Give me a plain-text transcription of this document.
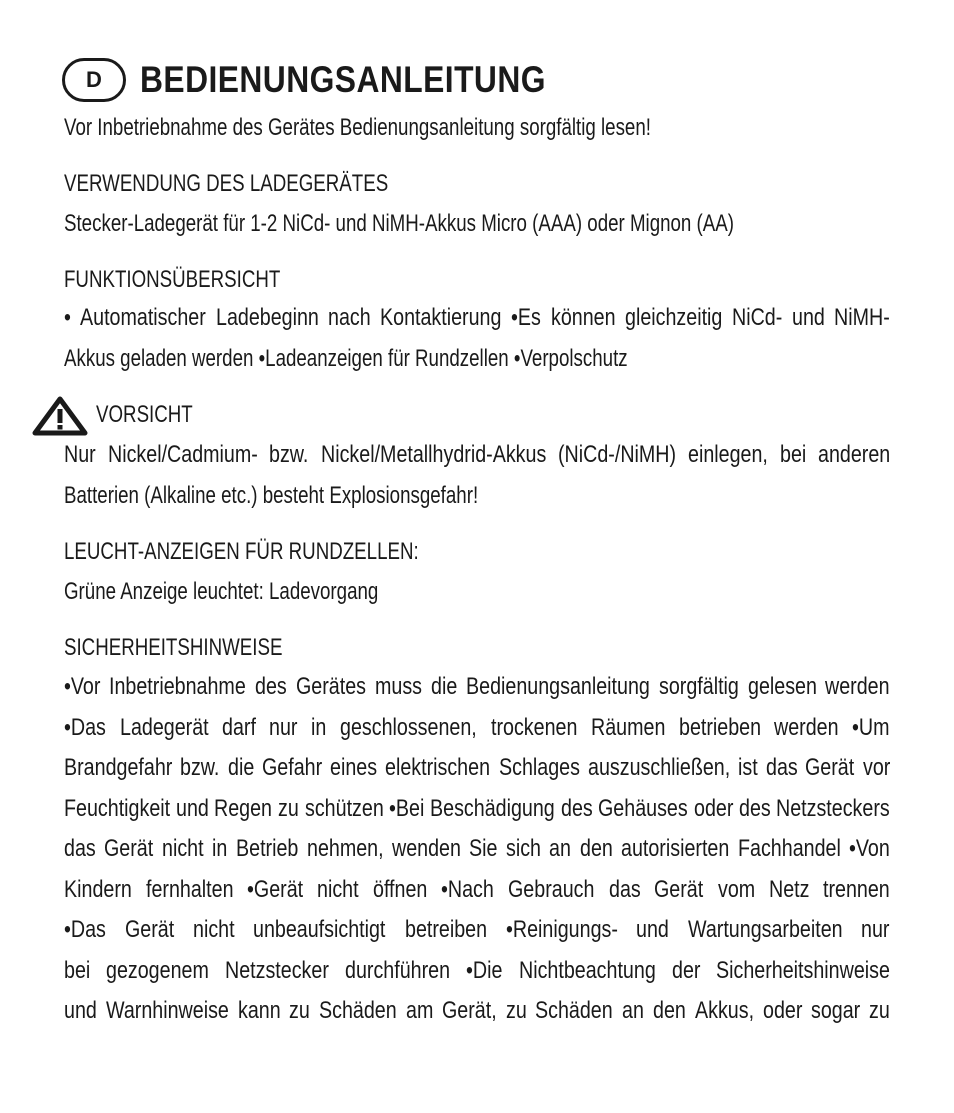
D	BEDIENUNGSANLEITUNG
Vor Inbetriebnahme des Gerätes Bedienungsanleitung sorgfältig lesen!
VERWENDUNG DES LADEGERÄTES
Stecker-Ladegerät für 1-2 NiCd- und NiMH-Akkus Micro (AAA) oder Mignon (AA)
FUNKTIONSÜBERSICHT
• Automatischer Ladebeginn nach Kontaktierung •Es können gleichzeitig NiCd- und NiMH-
Akkus geladen werden •Ladeanzeigen für Rundzellen •Verpolschutz
VORSICHT
Nur Nickel/Cadmium- bzw. Nickel/Metallhydrid-Akkus (NiCd-/NiMH) einlegen, bei anderen
Batterien (Alkaline etc.) besteht Explosionsgefahr!
LEUCHT-ANZEIGEN FÜR RUNDZELLEN:
Grüne Anzeige leuchtet: Ladevorgang
SICHERHEITSHINWEISE
•Vor Inbetriebnahme des Gerätes muss die Bedienungsanleitung sorgfältig gelesen werden
•Das Ladegerät darf nur in geschlossenen, trockenen Räumen betrieben werden •Um
Brandgefahr bzw. die Gefahr eines elektrischen Schlages auszuschließen, ist das Gerät vor
Feuchtigkeit und Regen zu schützen •Bei Beschädigung des Gehäuses oder des Netzsteckers
das Gerät nicht in Betrieb nehmen, wenden Sie sich an den autorisierten Fachhandel •Von
Kindern fernhalten •Gerät nicht öffnen •Nach Gebrauch das Gerät vom Netz trennen
•Das Gerät nicht unbeaufsichtigt betreiben •Reinigungs- und Wartungsarbeiten nur
bei gezogenem Netzstecker durchführen •Die Nichtbeachtung der Sicherheitshinweise
und Warnhinweise kann zu Schäden am Gerät, zu Schäden an den Akkus, oder sogar zu
